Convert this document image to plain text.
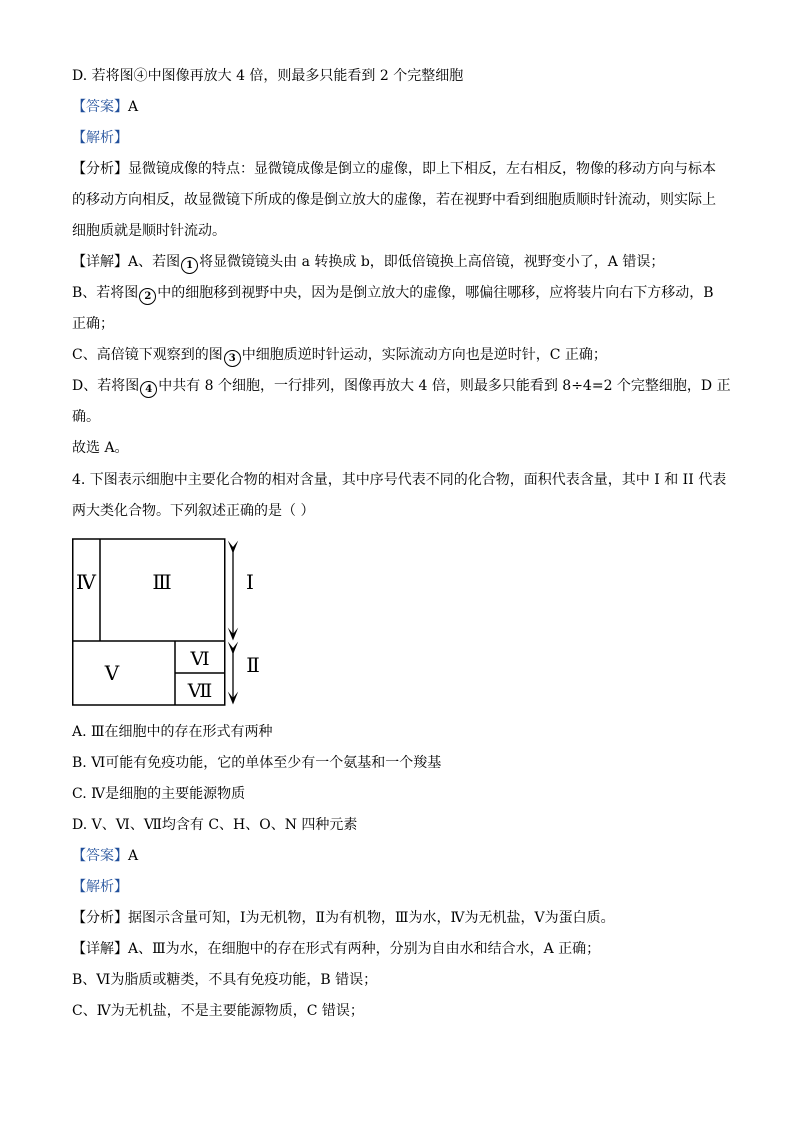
D. 若将图④中图像再放大 4 倍，则最多只能看到 2 个完整细胞
【答案】A
【解析】
【分析】显微镜成像的特点：显微镜成像是倒立的虚像，即上下相反，左右相反，物像的移动方向与标本
的移动方向相反，故显微镜下所成的像是倒立放大的虚像，若在视野中看到细胞质顺时针流动，则实际上
细胞质就是顺时针流动。
【详解】A、若图 1 将显微镜镜头由 a 转换成 b，即低倍镜换上高倍镜，视野变小了，A 错误；
B、若将图 2 中的细胞移到视野中央，因为是倒立放大的虚像，哪偏往哪移，应将装片向右下方移动，B
正确；
C、高倍镜下观察到的图 3 中细胞质逆时针运动，实际流动方向也是逆时针，C 正确；
D、若将图 4 中共有 8 个细胞，一行排列，图像再放大 4 倍，则最多只能看到 8÷4=2 个完整细胞，D 正
确。
故选 A。
4. 下图表示细胞中主要化合物的相对含量，其中序号代表不同的化合物，面积代表含量，其中 I 和 II 代表
两大类化合物。下列叙述正确的是（ ）
Ⅳ	Ⅲ
Ⅴ
Ⅵ
Ⅶ
Ⅰ
Ⅱ
A. Ⅲ在细胞中的存在形式有两种
B. Ⅵ可能有免疫功能，它的单体至少有一个氨基和一个羧基
C. Ⅳ是细胞的主要能源物质
D. Ⅴ、Ⅵ、Ⅶ均含有 C、H、O、N 四种元素
【答案】A
【解析】
【分析】据图示含量可知，Ⅰ为无机物，Ⅱ为有机物，Ⅲ为水，Ⅳ为无机盐，Ⅴ为蛋白质。
【详解】A、Ⅲ为水，在细胞中的存在形式有两种，分别为自由水和结合水，A 正确；
B、Ⅵ为脂质或糖类，不具有免疫功能，B 错误；
C、Ⅳ为无机盐，不是主要能源物质，C 错误；
